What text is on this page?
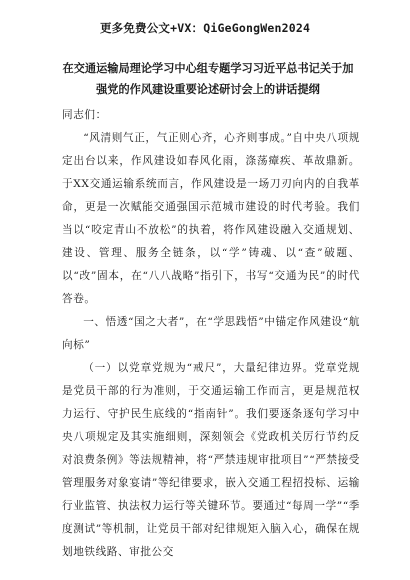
更多免费公文+VX：QiGeGongWen2024
在交通运输局理论学习中心组专题学习习近平总书记关于加强党的作风建设重要论述研讨会上的讲话提纲

同志们：

“风清则气正，气正则心齐，心齐则事成。”自中央八项规定出台以来，作风建设如春风化雨，涤荡瘴疾、革故鼎新。于XX交通运输系统而言，作风建设是一场刀刃向内的自我革命，更是一次赋能交通强国示范城市建设的时代考验。我们当以“咬定青山不放松”的执着，将作风建设融入交通规划、建设、管理、服务全链条，以“学”铸魂、以“查”破题、以“改”固本，在“八八战略”指引下，书写“交通为民”的时代答卷。

一、悟透“国之大者”，在“学思践悟”中锚定作风建设“航向标”

（一）以党章党规为“戒尺”，大量纪律边界。党章党规是党员干部的行为准则，于交通运输工作而言，更是规范权力运行、守护民生底线的“指南针”。我们要逐条逐句学习中央八项规定及其实施细则，深刻领会《党政机关厉行节约反对浪费条例》等法规精神，将“严禁违规审批项目”“严禁接受管理服务对象宴请”等纪律要求，嵌入交通工程招投标、运输行业监管、执法权力运行等关键环节。要通过“每周一学”“季度测试”等机制，让党员干部对纪律规矩入脑入心，确保在规划地铁线路、审批公交
